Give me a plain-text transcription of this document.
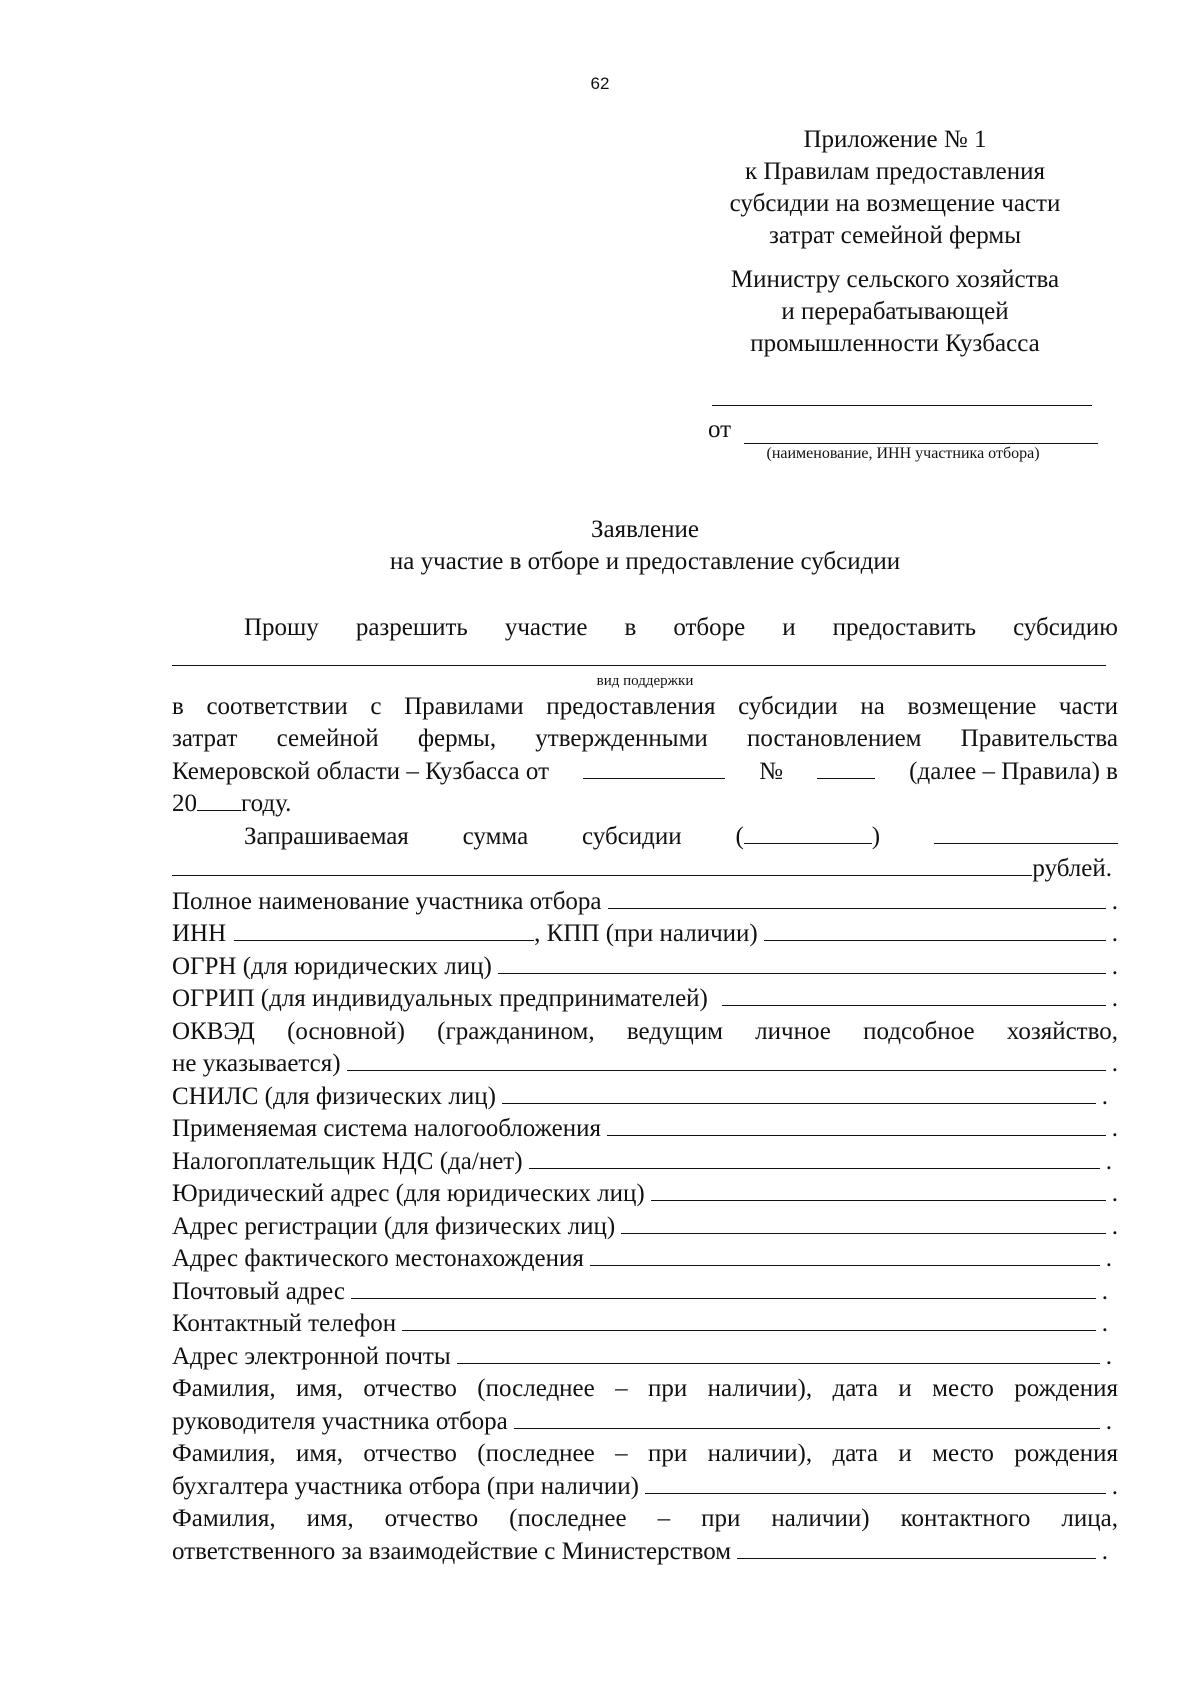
62
Приложение № 1
к Правилам предоставления
субсидии на возмещение части
затрат семейной фермы
Министру сельского хозяйства
и перерабатывающей
промышленности Кузбасса
от
(наименование, ИНН участника отбора)
Заявление
на участие в отборе и предоставление субсидии
Прошу разрешить участие в отборе и предоставить субсидию
вид поддержки
в соответствии с Правилами предоставления субсидии на возмещение части
затрат семейной фермы, утвержденными постановлением Правительства
Кемеровской области – Кузбасса от	№	(далее – Правила) в
20 году.
Запрашиваемая сумма субсидии (	)
рублей.
Полное наименование участника отбора	.
ИНН	, КПП (при наличии)	.
ОГРН (для юридических лиц)	.
ОГРИП (для индивидуальных предпринимателей)	.
ОКВЭД (основной) (гражданином, ведущим личное подсобное хозяйство,
не указывается)	.
СНИЛС (для физических лиц)	.
Применяемая система налогообложения	.
Налогоплательщик НДС (да/нет)	.
Юридический адрес (для юридических лиц)	.
Адрес регистрации (для физических лиц)	.
Адрес фактического местонахождения	.
Почтовый адрес	.
Контактный телефон	.
Адрес электронной почты	.
Фамилия, имя, отчество (последнее – при наличии), дата и место рождения
руководителя участника отбора	.
Фамилия, имя, отчество (последнее – при наличии), дата и место рождения
бухгалтера участника отбора (при наличии)	.
Фамилия, имя, отчество (последнее – при наличии) контактного лица,
ответственного за взаимодействие с Министерством	.
